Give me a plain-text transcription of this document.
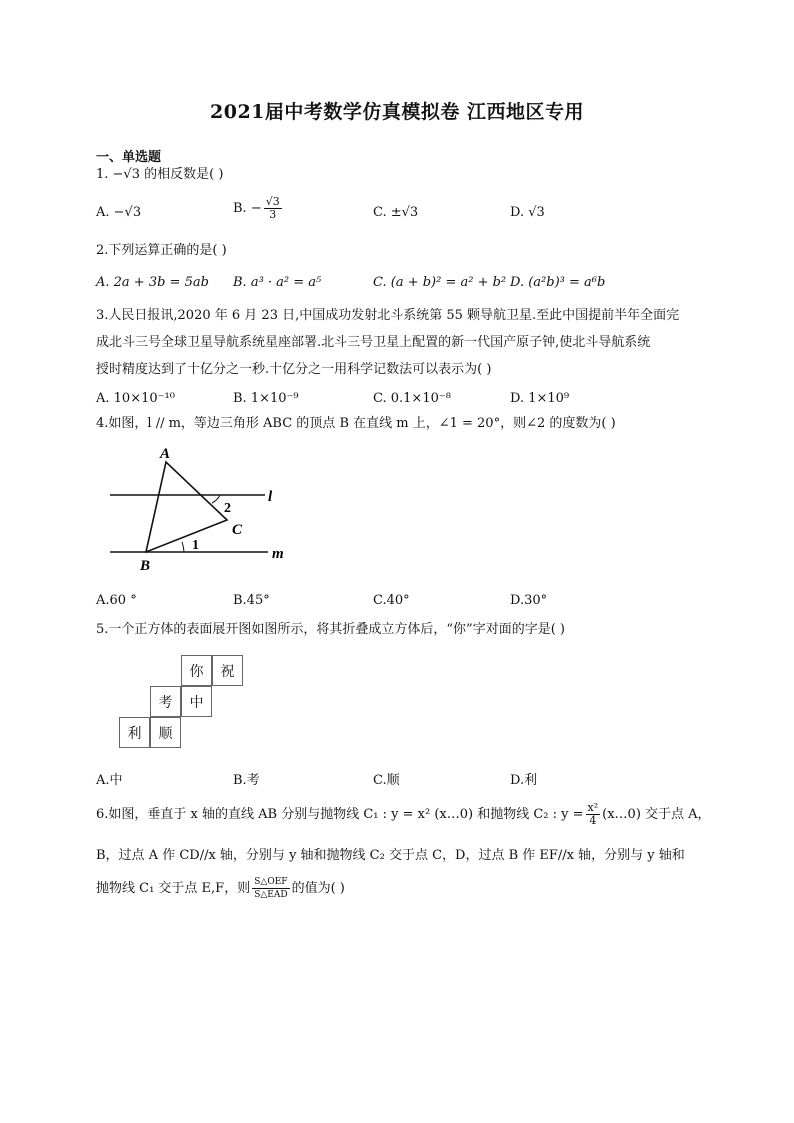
2021届中考数学仿真模拟卷 江西地区专用
一、单选题
1. −√3 的相反数是( )
A. −√3	B. − $\frac{√3}{3}$	C. ±√3	D. √3
2.下列运算正确的是( )
A. 2a + 3b = 5ab B. a³ · a² = a⁵	C. (a + b)² = a² + b² D. (a²b)³ = a⁶b
3.人民日报讯,2020 年 6 月 23 日,中国成功发射北斗系统第 55 颗导航卫星.至此中国提前半年全面完
成北斗三号全球卫星导航系统星座部署.北斗三号卫星上配置的新一代国产原子钟,使北斗导航系统
授时精度达到了十亿分之一秒.十亿分之一用科学记数法可以表示为( )
A. 10×10⁻¹⁰	B. 1×10⁻⁹	C. 0.1×10⁻⁸	D. 1×10⁹
4.如图，l // m，等边三角形 ABC 的顶点 B 在直线 m 上，∠1 = 20°，则∠2 的度数为( )
A
B
C
l
m
1
2
A.60 °	B.45°	C.40°	D.30°
5.一个正方体的表面展开图如图所示，将其折叠成立方体后，“你”字对面的字是( )
你	祝
考	中
利	顺
A.中	B.考	C.顺	D.利
6.如图，垂直于 x 轴的直线 AB 分别与抛物线 C₁ : y = x² (x…0) 和抛物线 C₂ : $y = \frac{\text{x²}}{4}$ (x…0) 交于点 A，
B，过点 A 作 CD//x 轴，分别与 y 轴和抛物线 C₂ 交于点 C，D，过点 B 作 EF//x 轴，分别与 y 轴和
抛物线 C₁ 交于点 E,F，则 $\frac{\text{S△OEF}}{\text{S△EAD}}$ 的值为( )
